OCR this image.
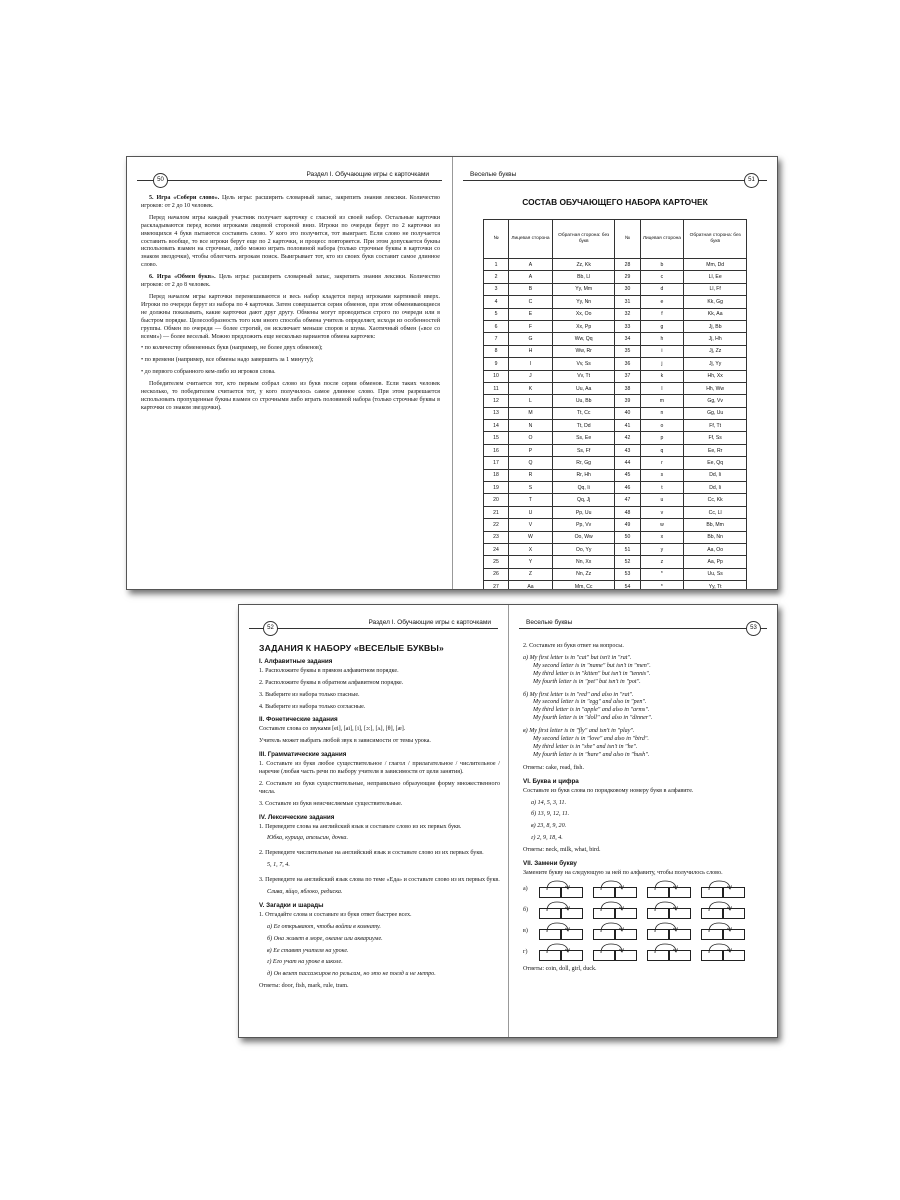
50
Раздел I. Обучающие игры с карточками

5. Игра «Собери слово». Цель игры: расширить словарный запас, закрепить знания лексики. Количество игроков: от 2 до 10 человек.

Перед началом игры каждый участник получает карточку с гласной из своей набор. Остальные карточки раскладываются перед всеми игроками лицевой стороной вниз. Игроки по очереди берут по 2 карточки из имеющихся 4 букв пытаются составить слово. У кого это получится, тот выиграет. Если слово не получается составить вообще, то все игроки берут еще по 2 карточки, и процесс повторяется. При этом допускается буквы использовать взамен на строчные, либо можно играть половиной набора (только строчные буквы в карточки со знаком звездочки), чтобы облегчить игрокам поиск. Выигрывает тот, кто из своих букв составит самое длинное слово.

6. Игра «Обмен букв». Цель игры: расширить словарный запас, закрепить знания лексики. Количество игроков: от 2 до 8 человек.

Перед началом игры карточки перемешиваются и весь набор кладется перед игроками картинкой вверх. Игроки по очереди берут из набора по 4 карточки. Затем совершается серия обменов, при этом обменивающиеся не должны показывать, какие карточки дают друг другу. Обмены могут проводиться строго по очереди или в быстром порядке. Целесообразность того или иного способа обмена учитель определяет, исходя из особенностей группы. Обмен по очереди — более строгий, он исключает меньше споров и шума. Хаотичный обмен («все со всеми») — более веселый. Можно предложить еще несколько вариантов обмена карточек:

• по количеству обмененных букв (например, не более двух обменов);

• по времени (например, все обмены надо завершить за 1 минуту);

• до первого собранного кем-либо из игроков слова.

Победителем считается тот, кто первым собрал слово из букв после серии обменов. Если таких человек несколько, то победителем считается тот, у кого получилось самое длинное слово. При этом разрешается использовать пропущенные буквы взамен со строчными либо играть половиной набора (только строчные буквы в карточки со знаком звездочки).

Веселые буквы
51
СОСТАВ ОБУЧАЮЩЕГО НАБОРА КАРТОЧЕК
№	Лицевая сторона	Обратная сторона: без букв	№	Лицевая сторона	Обратная сторона: без букв
1	A	Zz, Kk	28	b	Mm, Dd
2	A	Bb, Ll	29	c	Ll, Ee
3	B	Yy, Mm	30	d	Ll, Ff
4	C	Yy, Nn	31	e	Kk, Gg
5	E	Xx, Oo	32	f	Kk, Aa
6	F	Xx, Pp	33	g	Jj, Bb
7	G	Ww, Qq	34	h	Jj, Hh
8	H	Ww, Rr	35	i	Jj, Zz
9	I	Vv, Ss	36	j	Jj, Yy
10	J	Vv, Tt	37	k	Hh, Xx
11	K	Uu, Aa	38	l	Hh, Ww
12	L	Uu, Bb	39	m	Gg, Vv
13	M	Tt, Cc	40	n	Gg, Uu
14	N	Tt, Dd	41	o	Ff, Tt
15	O	Ss, Ee	42	p	Ff, Ss
16	P	Ss, Ff	43	q	Ee, Rr
17	Q	Rr, Gg	44	r	Ee, Qq
18	R	Rr, Hh	45	s	Dd, Ii
19	S	Qq, Ii	46	t	Dd, Ii
20	T	Qq, Jj	47	u	Cc, Kk
21	U	Pp, Uu	48	v	Cc, Ll
22	V	Pp, Vv	49	w	Bb, Mm
23	W	Oo, Ww	50	x	Bb, Nn
24	X	Oo, Yy	51	y	Aa, Oo
25	Y	Nn, Xx	52	z	Aa, Pp
26	Z	Nn, Zz	53	*	Uu, Ss
27	Aa	Mm, Cc	54	*	Yy, Tt
52
Раздел I. Обучающие игры с карточками
ЗАДАНИЯ К НАБОРУ «ВЕСЕЛЫЕ БУКВЫ»
I. Алфавитные задания

1. Расположите буквы в прямом алфавитном порядке.

2. Расположите буквы в обратном алфавитном порядке.

3. Выберите из набора только гласные.

4. Выберите из набора только согласные.

II. Фонетические задания

Составьте слова со звуками [ei], [ai], [i], [ɔ:], [ʌ], [θ], [æ].

Учитель может выбрать любой звук в зависимости от темы урока.

III. Грамматические задания

1. Составьте из букв любое существительное / глагол / прилагательное / числительное / наречие (любая часть речи по выбору учителя в зависимости от цели занятия).

2. Составьте из букв существительные, неправильно образующие форму множественного числа.

3. Составьте из букв неисчисляемые существительные.

IV. Лексические задания

1. Переведите слова на английский язык и составьте слово из их первых букв.

Юбка, курица, апельсин, дочка.

2. Переведите числительные на английский язык и составьте слово из их первых букв.

5, 1, 7, 4.

3. Переведите на английский язык слова по теме «Еда» и составьте слово из их первых букв.

Слива, яйцо, яблоко, редиска.

V. Загадки и шарады

1. Отгадайте слова и составьте из букв ответ быстрее всех.

а) Ее открывают, чтобы войти в комнату.

б) Она живет в море, океане или аквариуме.

в) Ее ставят учителя на уроке.

г) Его учат на уроке в школе.

д) Он везет пассажиров по рельсам, но это не поезд и не метро.

Ответы: door, fish, mark, rule, tram.

Веселые буквы
53

2. Составьте из букв ответ на вопросы.

а) My first letter is in "cat" but isn't in "rat".
My second letter is in "name" but isn't in "men".
My third letter is in "kitten" but isn't in "tennis".
My fourth letter is in "pet" but isn't in "pot".
б) My first letter is in "red" and also in "rat".
My second letter is in "egg" and also in "pen".
My third letter is in "apple" and also in "arms".
My fourth letter is in "doll" and also in "dinner".
в) My first letter is in "fly" and isn't in "play".
My second letter is in "love" and also in "bird".
My third letter is in "she" and isn't in "he".
My fourth letter is in "hare" and also in "hush".

Ответы: cake, read, fish.

VI. Буква и цифра

Составьте из букв слова по порядковому номеру букв в алфавите.

а) 14, 5, 3, 11.

б) 13, 9, 12, 11.

в) 23, 8, 9, 20.

г) 2, 9, 18, 4.

Ответы: neck, milk, what, bird.

VII. Замени букву

Замените букву на следующую за ней по алфавиту, чтобы получилось слово.

а)
б)
в)
г)

Ответы: coin, doll, girl, duck.
